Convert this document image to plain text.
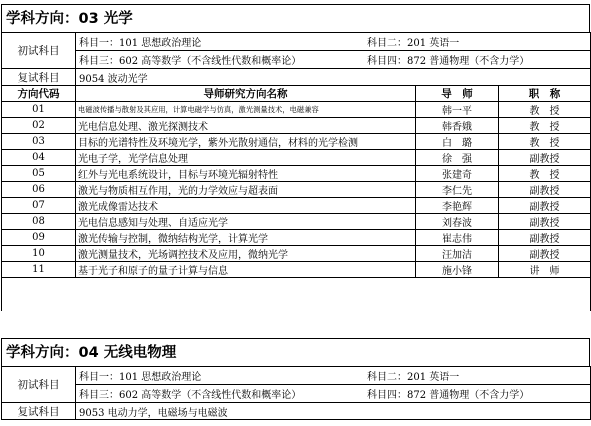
学科方向：03 光学
初试科目	科目一：101 思想政治理论 科目二：201 英语一		

	科目三：602 高等数学（不含线性代数和概率论） 科目四：872 普通物理（不含力学）		

复试科目	9054 波动光学		
方向代码	导师研究方向名称	导　师	职　称
01	电磁波传播与散射及其应用，计算电磁学与仿真，激光测量技术，电磁兼容	韩一平	教　授
02	光电信息处理、激光探测技术	韩香娥	教　授
03	目标的光谱特性及环境光学，紫外光散射通信，材料的光学检测	白　璐	教　授
04	光电子学，光学信息处理	徐　强	副教授
05	红外与光电系统设计，目标与环境光辐射特性	张建奇	教　授
06	激光与物质相互作用，光的力学效应与超表面	李仁先	副教授
07	激光成像雷达技术	李艳辉	副教授
08	光电信息感知与处理、自适应光学	刘春波	副教授
09	激光传输与控制，微纳结构光学，计算光学	崔志伟	副教授
10	激光测量技术，光场调控技术及应用，微纳光学	汪加洁	副教授
11	基于光子和原子的量子计算与信息	施小锋	讲　师

学科方向：04 无线电物理
初试科目	科目一：101 思想政治理论 科目二：201 英语一

	科目三：602 高等数学（不含线性代数和概率论） 科目四：872 普通物理（不含力学）

复试科目	9053 电动力学，电磁场与电磁波
